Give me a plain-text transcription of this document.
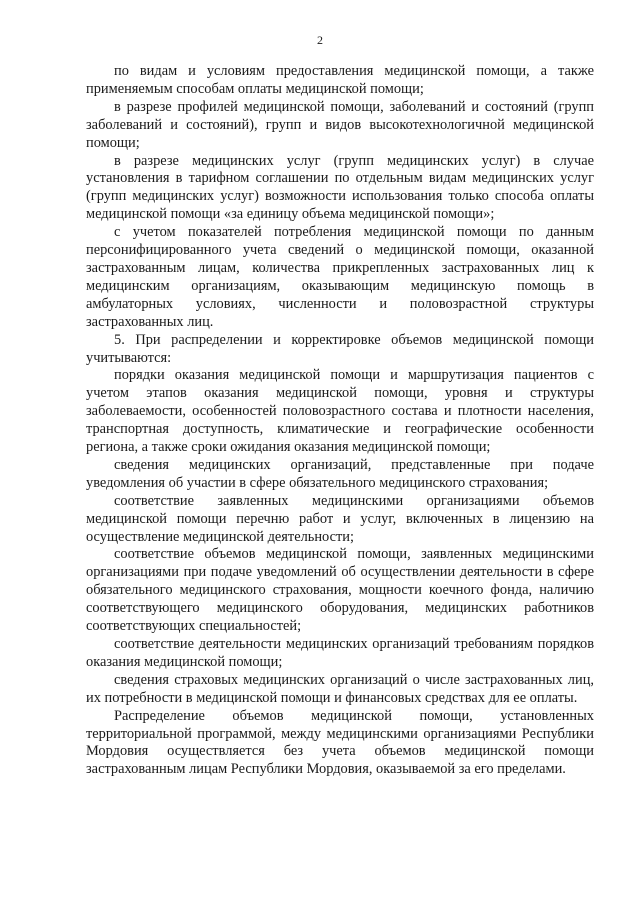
2

по видам и условиям предоставления медицинской помощи, а также применяемым способам оплаты медицинской помощи;

в разрезе профилей медицинской помощи, заболеваний и состояний (групп заболеваний и состояний), групп и видов высокотехнологичной медицинской помощи;

в разрезе медицинских услуг (групп медицинских услуг) в случае установления в тарифном соглашении по отдельным видам медицинских услуг (групп медицинских услуг) возможности использования только способа оплаты медицинской помощи «за единицу объема медицинской помощи»;

с учетом показателей потребления медицинской помощи по данным персонифицированного учета сведений о медицинской помощи, оказанной застрахованным лицам, количества прикрепленных застрахованных лиц к медицинским организациям, оказывающим медицинскую помощь в амбулаторных условиях, численности и половозрастной структуры застрахованных лиц.

5. При распределении и корректировке объемов медицинской помощи учитываются:

порядки оказания медицинской помощи и маршрутизация пациентов с учетом этапов оказания медицинской помощи, уровня и структуры заболеваемости, особенностей половозрастного состава и плотности населения, транспортная доступность, климатические и географические особенности региона, а также сроки ожидания оказания медицинской помощи;

сведения медицинских организаций, представленные при подаче уведомления об участии в сфере обязательного медицинского страхования;

соответствие заявленных медицинскими организациями объемов медицинской помощи перечню работ и услуг, включенных в лицензию на осуществление медицинской деятельности;

соответствие объемов медицинской помощи, заявленных медицинскими организациями при подаче уведомлений об осуществлении деятельности в сфере обязательного медицинского страхования, мощности коечного фонда, наличию соответствующего медицинского оборудования, медицинских работников соответствующих специальностей;

соответствие деятельности медицинских организаций требованиям порядков оказания медицинской помощи;

сведения страховых медицинских организаций о числе застрахованных лиц, их потребности в медицинской помощи и финансовых средствах для ее оплаты.

Распределение объемов медицинской помощи, установленных территориальной программой, между медицинскими организациями Республики Мордовия осуществляется без учета объемов медицинской помощи застрахованным лицам Республики Мордовия, оказываемой за его пределами.
